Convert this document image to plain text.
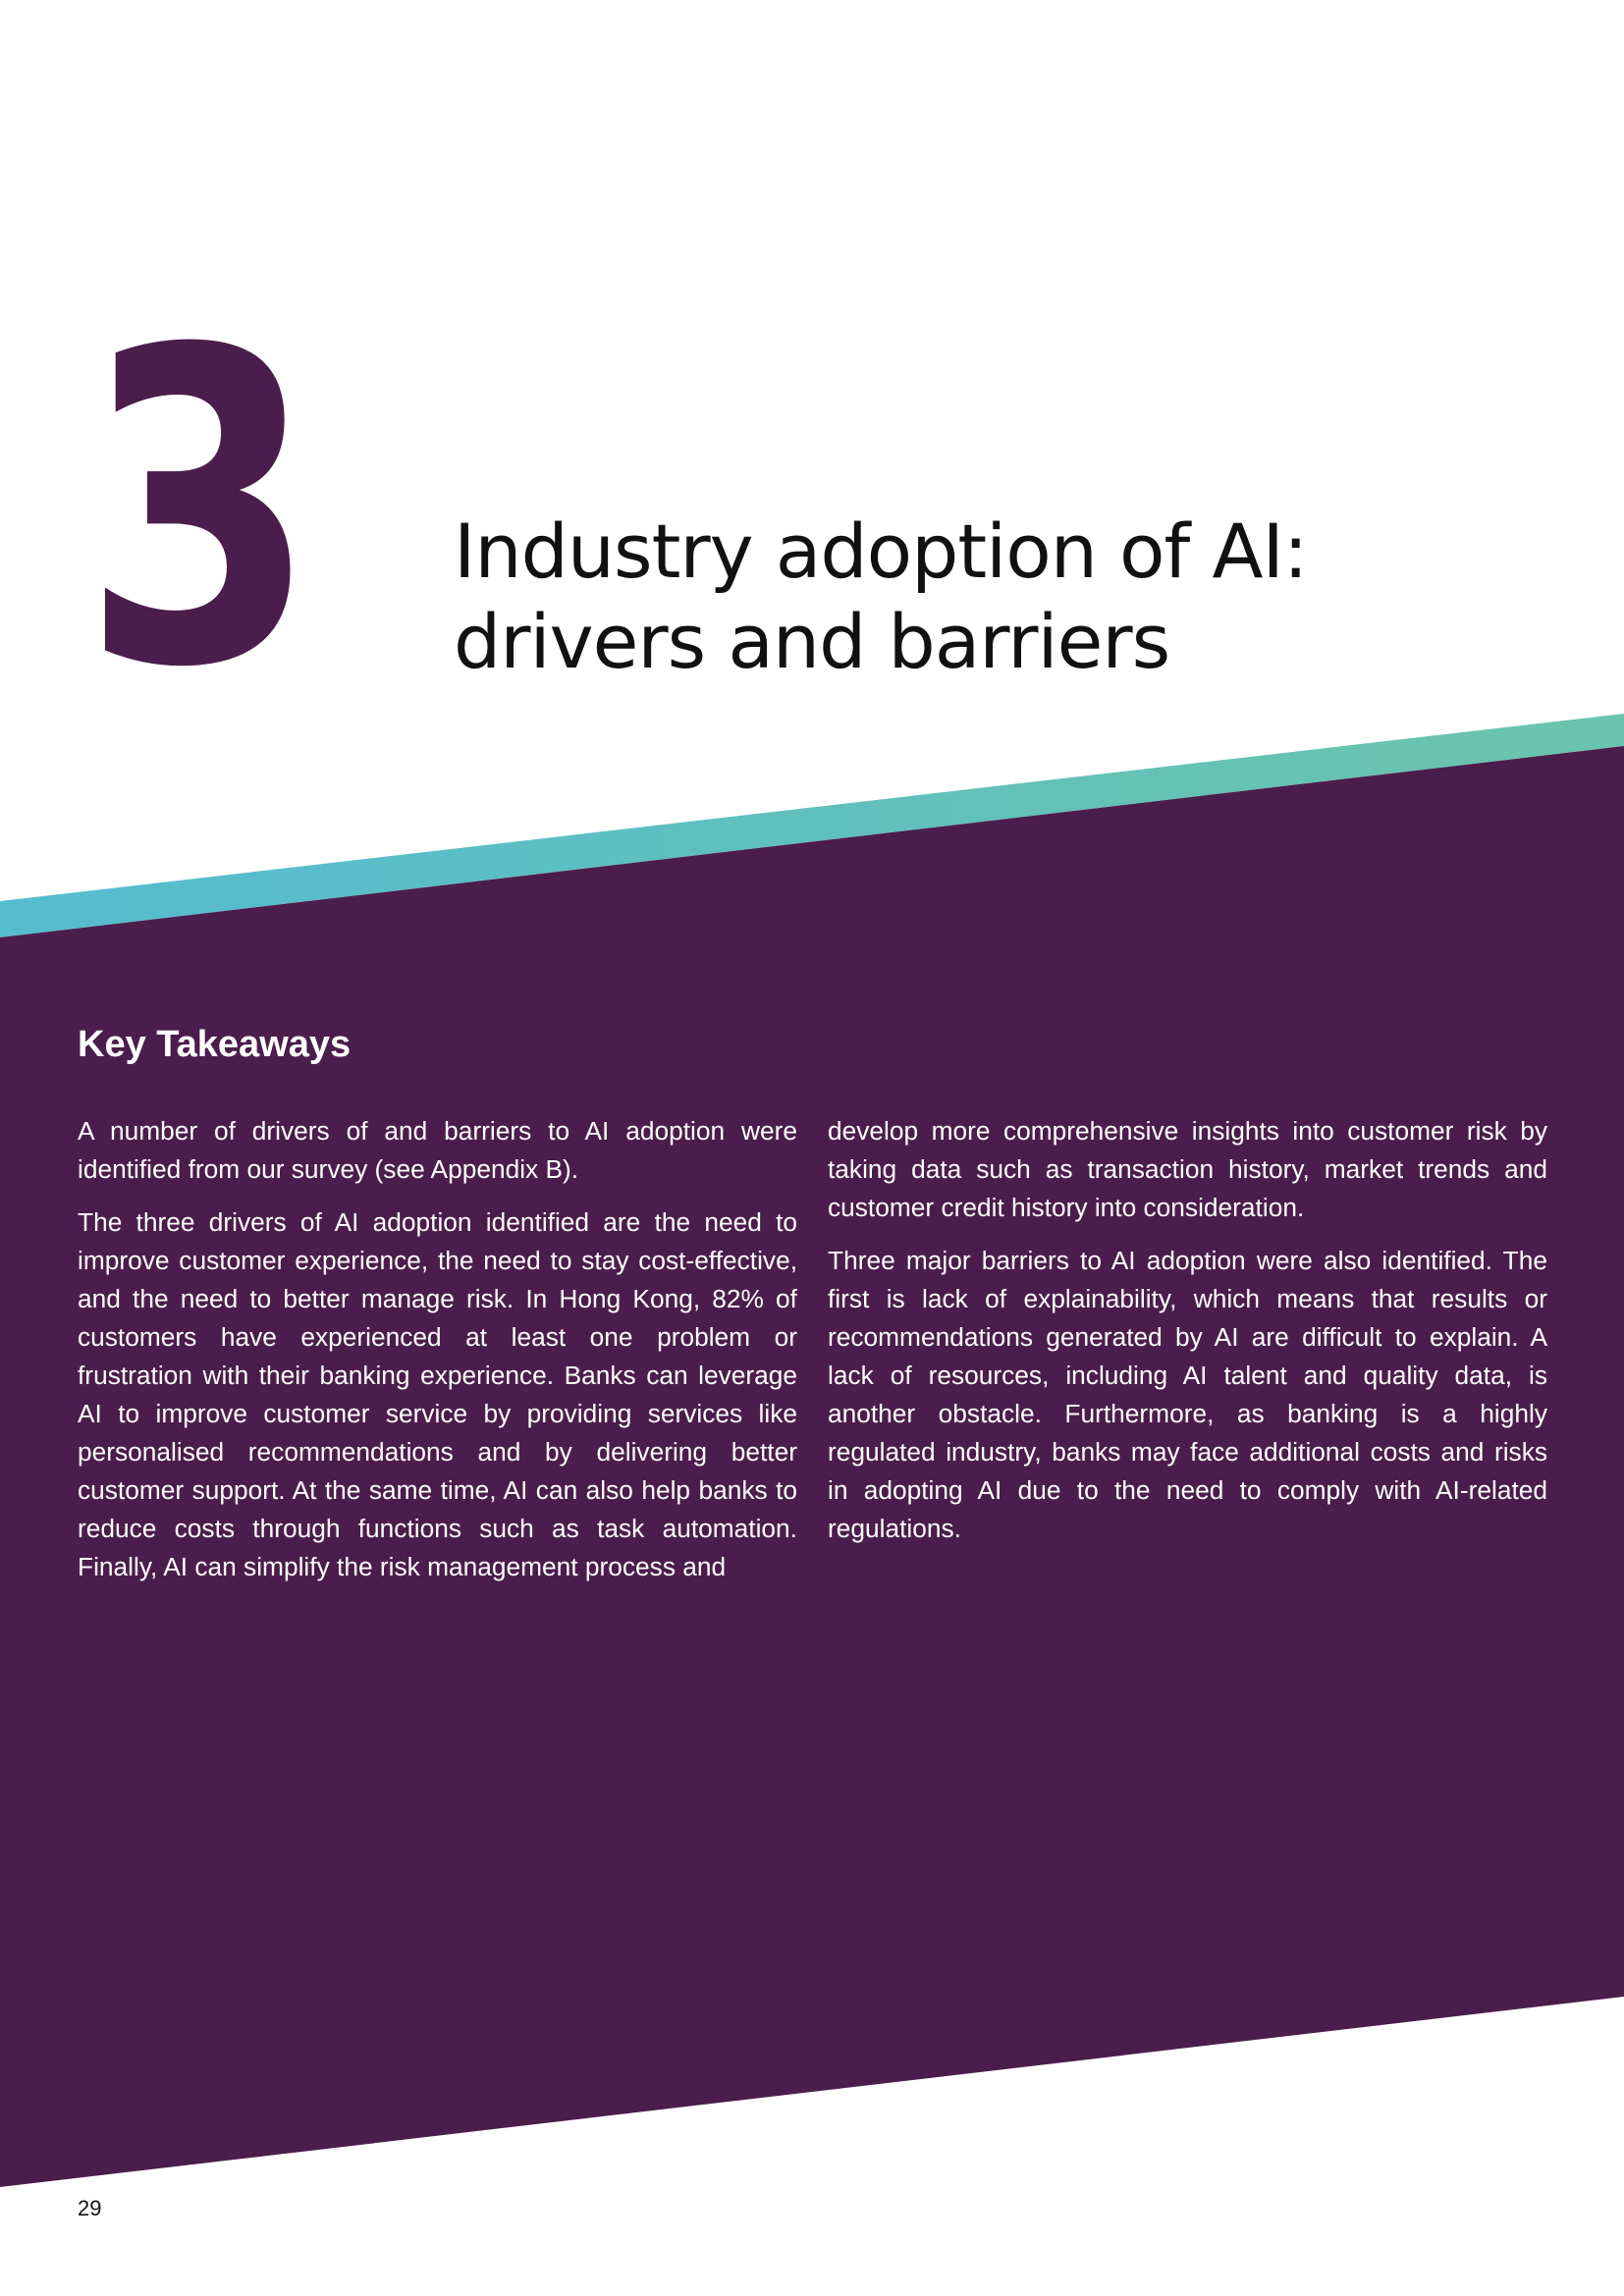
3 Industry adoption of AI:
drivers and barriers
Key Takeaways

A number of drivers of and barriers to AI adoption were identified from our survey (see Appendix B).

The three drivers of AI adoption identified are the need to improve customer experience, the need to stay cost-effective, and the need to better manage risk. In Hong Kong, 82% of customers have experienced at least one problem or frustration with their banking experience. Banks can leverage AI to improve customer service by providing services like personalised recommendations and by delivering better customer support. At the same time, AI can also help banks to reduce costs through functions such as task automation. Finally, AI can simplify the risk management process and

develop more comprehensive insights into customer risk by taking data such as transaction history, market trends and customer credit history into consideration.

Three major barriers to AI adoption were also identified. The first is lack of explainability, which means that results or recommendations generated by AI are difficult to explain. A lack of resources, including AI talent and quality data, is another obstacle. Furthermore, as banking is a highly regulated industry, banks may face additional costs and risks in adopting AI due to the need to comply with AI-related regulations.

29
